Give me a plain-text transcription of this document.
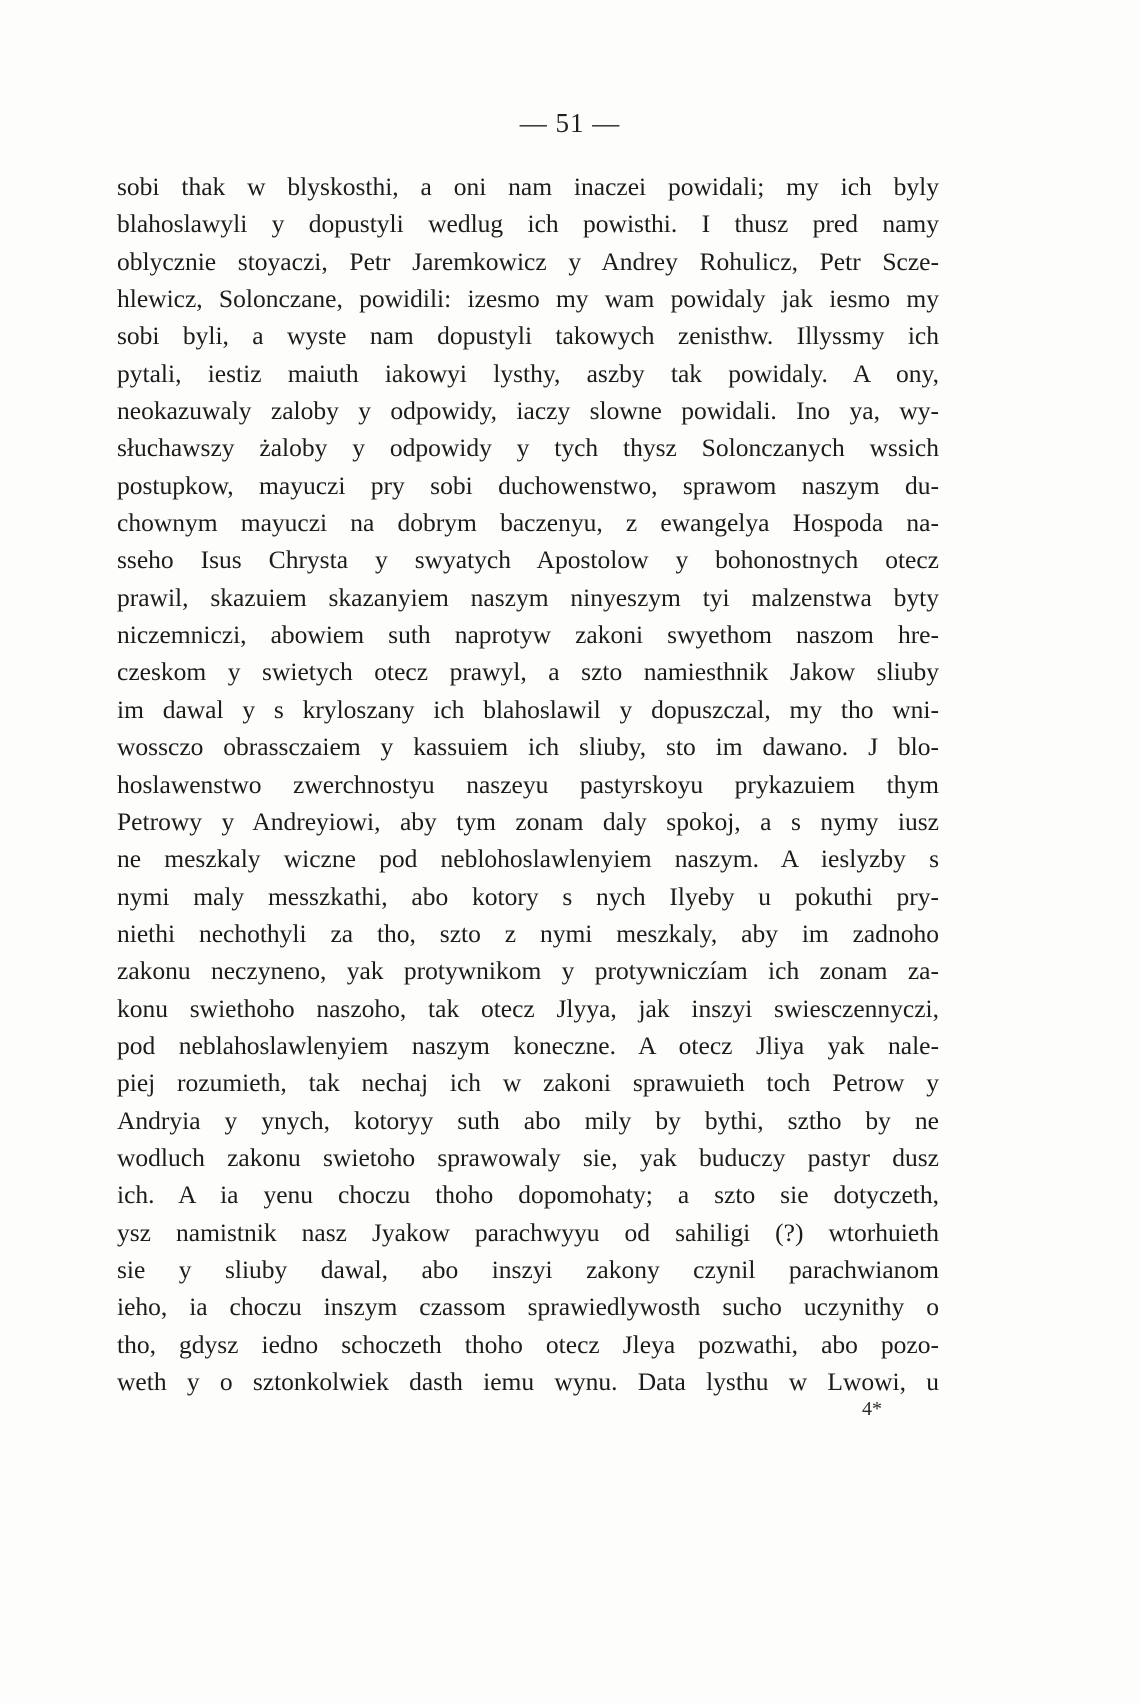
— 51 —
sobi thak w blyskosthi, a oni nam inaczei powidali; my ich byly
blahoslawyli y dopustyli wedlug ich powisthi. I thusz pred namy
oblycznie stoyaczi, Petr Jaremkowicz y Andrey Rohulicz, Petr Scze-
hlewicz, Solonczane, powidili: izesmo my wam powidaly jak iesmo my
sobi byli, a wyste nam dopustyli takowych zenisthw. Illyssmy ich
pytali, iestiz maiuth iakowyi lysthy, aszby tak powidaly. A ony,
neokazuwaly zaloby y odpowidy, iaczy slowne powidali. Ino ya, wy-
słuchawszy żaloby y odpowidy y tych thysz Solonczanych wssich
postupkow, mayuczi pry sobi duchowenstwo, sprawom naszym du-
chownym mayuczi na dobrym baczenyu, z ewangelya Hospoda na-
sseho Isus Chrysta y swyatych Apostolow y bohonostnych otecz
prawil, skazuiem skazanyiem naszym ninyeszym tyi malzenstwa byty
niczemniczi, abowiem suth naprotyw zakoni swyethom naszom hre-
czeskom y swietych otecz prawyl, a szto namiesthnik Jakow sliuby
im dawal y s kryloszany ich blahoslawil y dopuszczal, my tho wni-
wossczo obrassczaiem y kassuiem ich sliuby, sto im dawano. J blo-
hoslawenstwo zwerchnostyu naszeyu pastyrskoyu prykazuiem thym
Petrowy y Andreyiowi, aby tym zonam daly spokoj, a s nymy iusz
ne meszkaly wiczne pod neblohoslawlenyiem naszym. A ieslyzby s
nymi maly messzkathi, abo kotory s nych Ilyeby u pokuthi pry-
niethi nechothyli za tho, szto z nymi meszkaly, aby im zadnoho
zakonu neczyneno, yak protywnikom y protywniczíam ich zonam za-
konu swiethoho naszoho, tak otecz Jlyya, jak inszyi swiesczennyczi,
pod neblahoslawlenyiem naszym koneczne. A otecz Jliya yak nale-
piej rozumieth, tak nechaj ich w zakoni sprawuieth toch Petrow y
Andryia y ynych, kotoryy suth abo mily by bythi, sztho by ne
wodluch zakonu swietoho sprawowaly sie, yak buduczy pastyr dusz
ich. A ia yenu choczu thoho dopomohaty; a szto sie dotyczeth,
ysz namistnik nasz Jyakow parachwyyu od sahiligi (?) wtorhuieth
sie y sliuby dawal, abo inszyi zakony czynil parachwianom
ieho, ia choczu inszym czassom sprawiedlywosth sucho uczynithy o
tho, gdysz iedno schoczeth thoho otecz Jleya pozwathi, abo pozo-
weth y o sztonkolwiek dasth iemu wynu. Data lysthu w Lwowi, u
4*
